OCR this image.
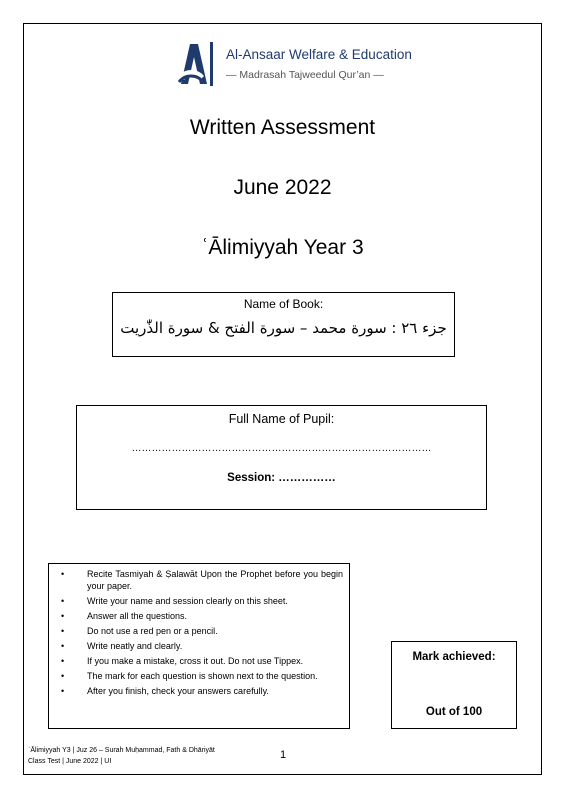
Al-Ansaar Welfare & Education
— Madrasah Tajweedul Qur’an —
Written Assessment
June 2022
ʿĀlimiyyah Year 3
Name of Book:
جزء ٢٦ : سورة محمد – سورة الفتح & سورة الذّٰريت
Full Name of Pupil:
………………………………………………………………………………
Session: ……………
• Recite Tasmiyah & Ṣalawāt Upon the Prophet before you begin your paper.
• Write your name and session clearly on this sheet.
• Answer all the questions.
• Do not use a red pen or a pencil.
• Write neatly and clearly.
• If you make a mistake, cross it out. Do not use Tippex.
• The mark for each question is shown next to the question.
• After you finish, check your answers carefully.
Mark achieved:
Out of 100
ʿĀlimiyyah Y3 | Juz 26 – Surah Muḥammad, Fath & Dhāriyāt
Class Test | June 2022 | UI
1
